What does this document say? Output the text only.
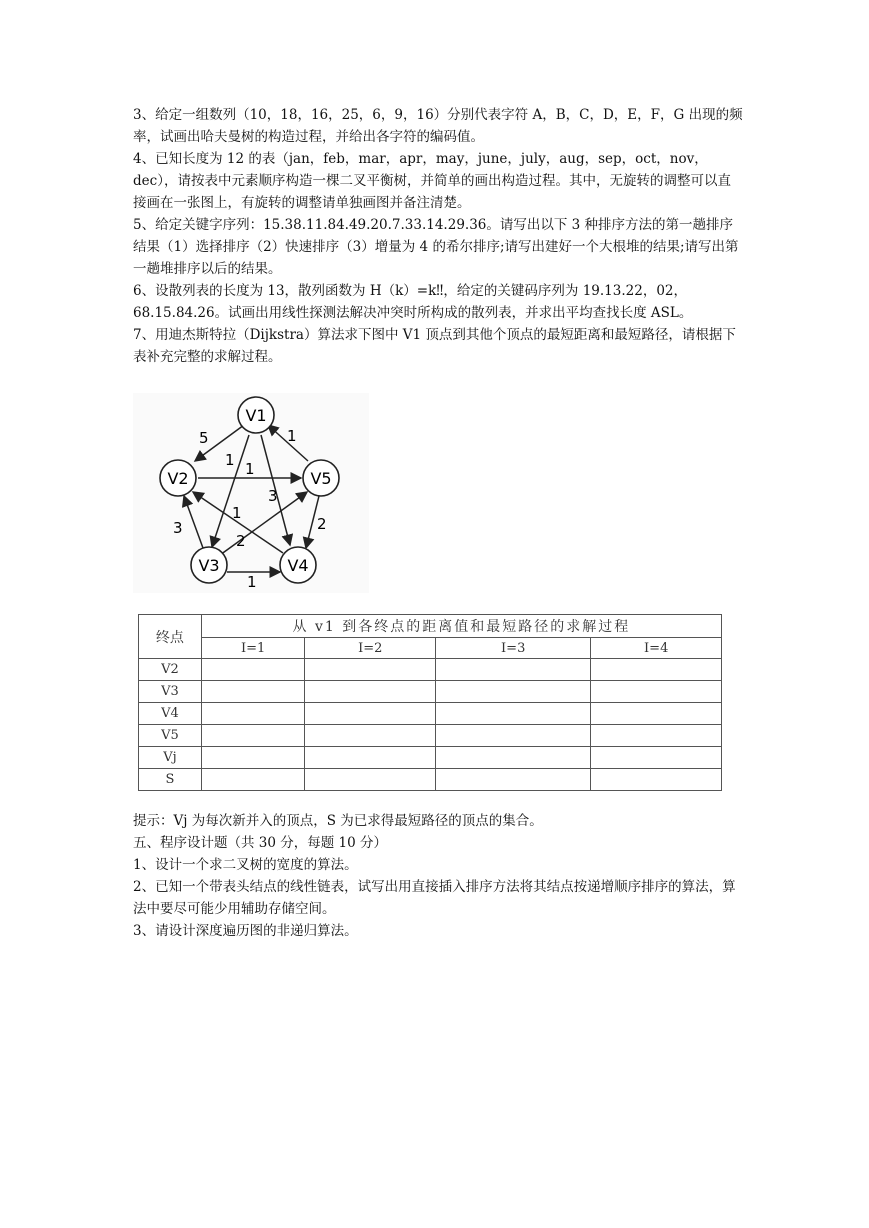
3、给定一组数列（10，18，16，25，6，9，16）分别代表字符 A，B，C，D，E，F，G 出现的频率，试画出哈夫曼树的构造过程，并给出各字符的编码值。

4、已知长度为 12 的表（jan，feb，mar，apr，may，june，july，aug，sep，oct，nov，dec），请按表中元素顺序构造一棵二叉平衡树，并简单的画出构造过程。其中，无旋转的调整可以直接画在一张图上，有旋转的调整请单独画图并备注清楚。

5、给定关键字序列：15.38.11.84.49.20.7.33.14.29.36。请写出以下 3 种排序方法的第一趟排序结果（1）选择排序（2）快速排序（3）增量为 4 的希尔排序;请写出建好一个大根堆的结果;请写出第一趟堆排序以后的结果。

6、设散列表的长度为 13，散列函数为 H（k）=k‼，给定的关键码序列为 19.13.22，02，68.15.84.26。试画出用线性探测法解决冲突时所构成的散列表，并求出平均查找长度 ASL。

7、用迪杰斯特拉（Dijkstra）算法求下图中 V1 顶点到其他个顶点的最短距离和最短路径，请根据下表补充完整的求解过程。

V1
V2	V5
V3	V4
5	1
1 1
3
3
1
2
2
1
终点	从 v1 到各终点的距离值和最短路径的求解过程			
	I=1	I=2	I=3	I=4
V2				
V3				
V4				
V5				
Vj				
S				

提示：Vj 为每次新并入的顶点，S 为已求得最短路径的顶点的集合。

五、程序设计题（共 30 分，每题 10 分）

1、设计一个求二叉树的宽度的算法。

2、已知一个带表头结点的线性链表，试写出用直接插入排序方法将其结点按递增顺序排序的算法，算法中要尽可能少用辅助存储空间。

3、请设计深度遍历图的非递归算法。
